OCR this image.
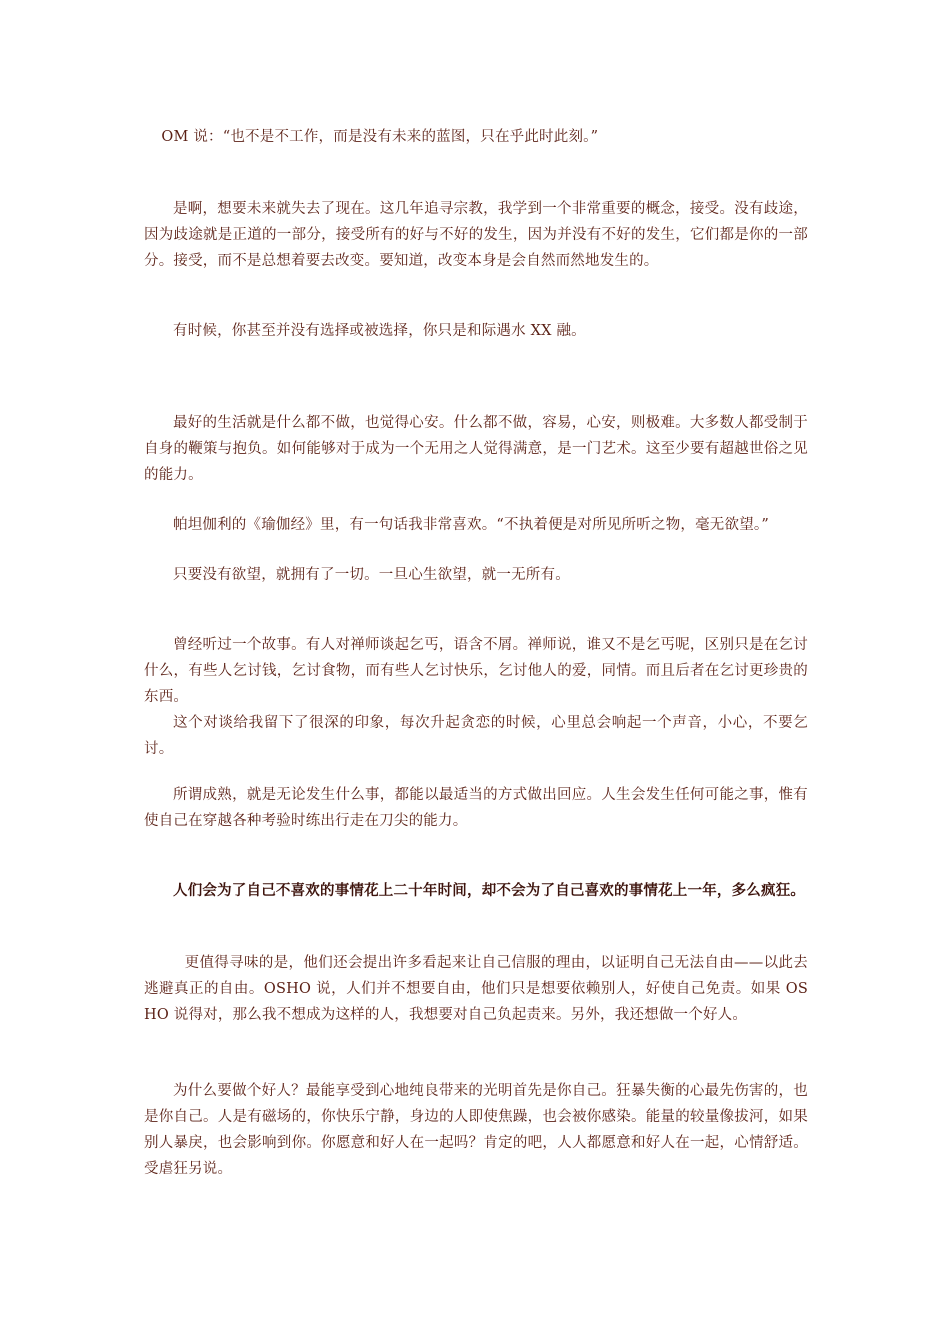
OM 说：“也不是不工作，而是没有未来的蓝图，只在乎此时此刻。”

是啊，想要未来就失去了现在。这几年追寻宗教，我学到一个非常重要的概念，接受。没有歧途，因为歧途就是正道的一部分，接受所有的好与不好的发生，因为并没有不好的发生，它们都是你的一部分。接受，而不是总想着要去改变。要知道，改变本身是会自然而然地发生的。

有时候，你甚至并没有选择或被选择，你只是和际遇水 XX 融。

最好的生活就是什么都不做，也觉得心安。什么都不做，容易，心安，则极难。大多数人都受制于自身的鞭策与抱负。如何能够对于成为一个无用之人觉得满意，是一门艺术。这至少要有超越世俗之见的能力。

帕坦伽利的《瑜伽经》里，有一句话我非常喜欢。“不执着便是对所见所听之物，毫无欲望。”

只要没有欲望，就拥有了一切。一旦心生欲望，就一无所有。

曾经听过一个故事。有人对禅师谈起乞丐，语含不屑。禅师说，谁又不是乞丐呢，区别只是在乞讨什么，有些人乞讨钱，乞讨食物，而有些人乞讨快乐，乞讨他人的爱，同情。而且后者在乞讨更珍贵的东西。

这个对谈给我留下了很深的印象，每次升起贪恋的时候，心里总会响起一个声音，小心，不要乞讨。

所谓成熟，就是无论发生什么事，都能以最适当的方式做出回应。人生会发生任何可能之事，惟有使自己在穿越各种考验时练出行走在刀尖的能力。

人们会为了自己不喜欢的事情花上二十年时间，却不会为了自己喜欢的事情花上一年，多么疯狂。

更值得寻味的是，他们还会提出许多看起来让自己信服的理由，以证明自己无法自由——以此去逃避真正的自由。OSHO 说，人们并不想要自由，他们只是想要依赖别人，好使自己免责。如果 OSHO 说得对，那么我不想成为这样的人，我想要对自己负起责来。另外，我还想做一个好人。

为什么要做个好人？最能享受到心地纯良带来的光明首先是你自己。狂暴失衡的心最先伤害的，也是你自己。人是有磁场的，你快乐宁静，身边的人即使焦躁，也会被你感染。能量的较量像拔河，如果别人暴戾，也会影响到你。你愿意和好人在一起吗？肯定的吧，人人都愿意和好人在一起，心情舒适。受虐狂另说。
